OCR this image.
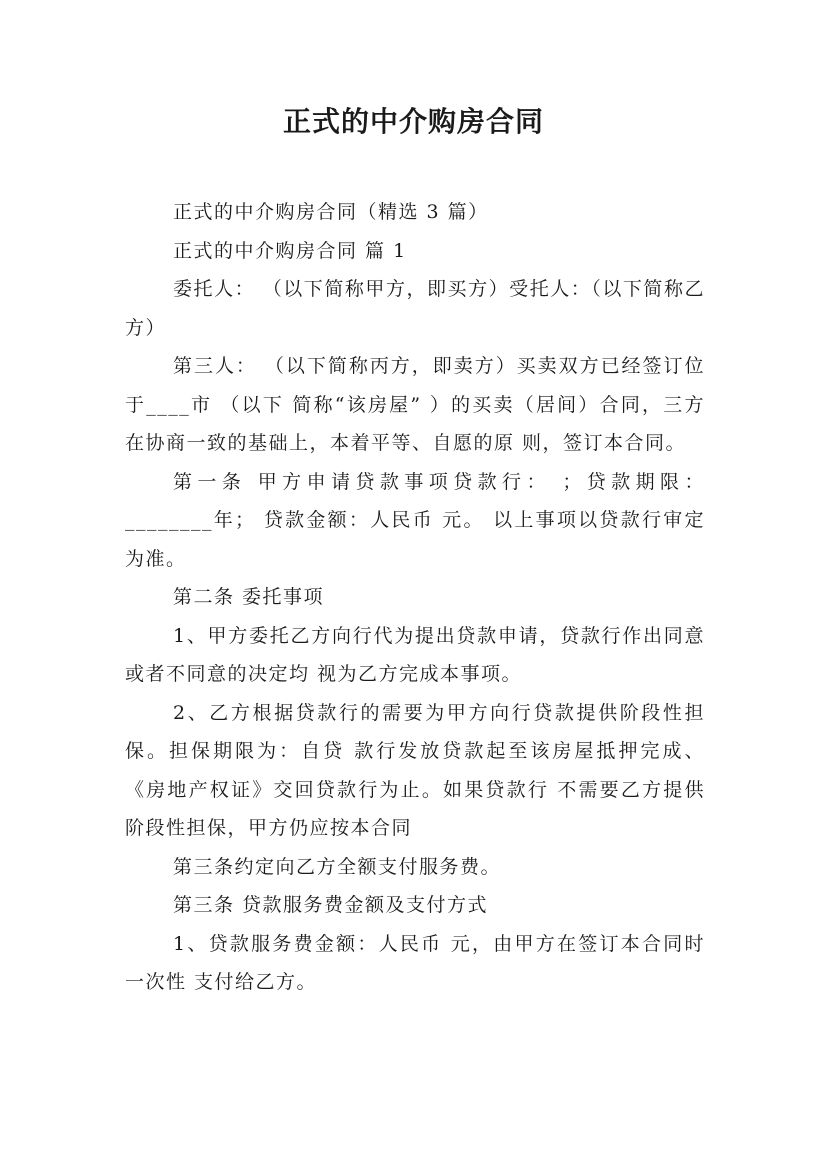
正式的中介购房合同

正式的中介购房合同（精选 3 篇）

正式的中介购房合同 篇 1

委托人： （以下简称甲方，即买方）受托人：（以下简称乙方）

第三人： （以下简称丙方，即卖方）买卖双方已经签订位于____市 （以下 简称“该房屋” ）的买卖（居间）合同，三方在协商一致的基础上，本着平等、自愿的原 则，签订本合同。

第一条 甲方申请贷款事项贷款行： ；贷款期限：________年； 贷款金额：人民币 元。 以上事项以贷款行审定为准。

第二条 委托事项

1、甲方委托乙方向行代为提出贷款申请，贷款行作出同意或者不同意的决定均 视为乙方完成本事项。

2、乙方根据贷款行的需要为甲方向行贷款提供阶段性担保。担保期限为：自贷 款行发放贷款起至该房屋抵押完成、 《房地产权证》交回贷款行为止。如果贷款行 不需要乙方提供阶段性担保，甲方仍应按本合同

第三条约定向乙方全额支付服务费。

第三条 贷款服务费金额及支付方式

1、贷款服务费金额：人民币 元，由甲方在签订本合同时一次性 支付给乙方。
